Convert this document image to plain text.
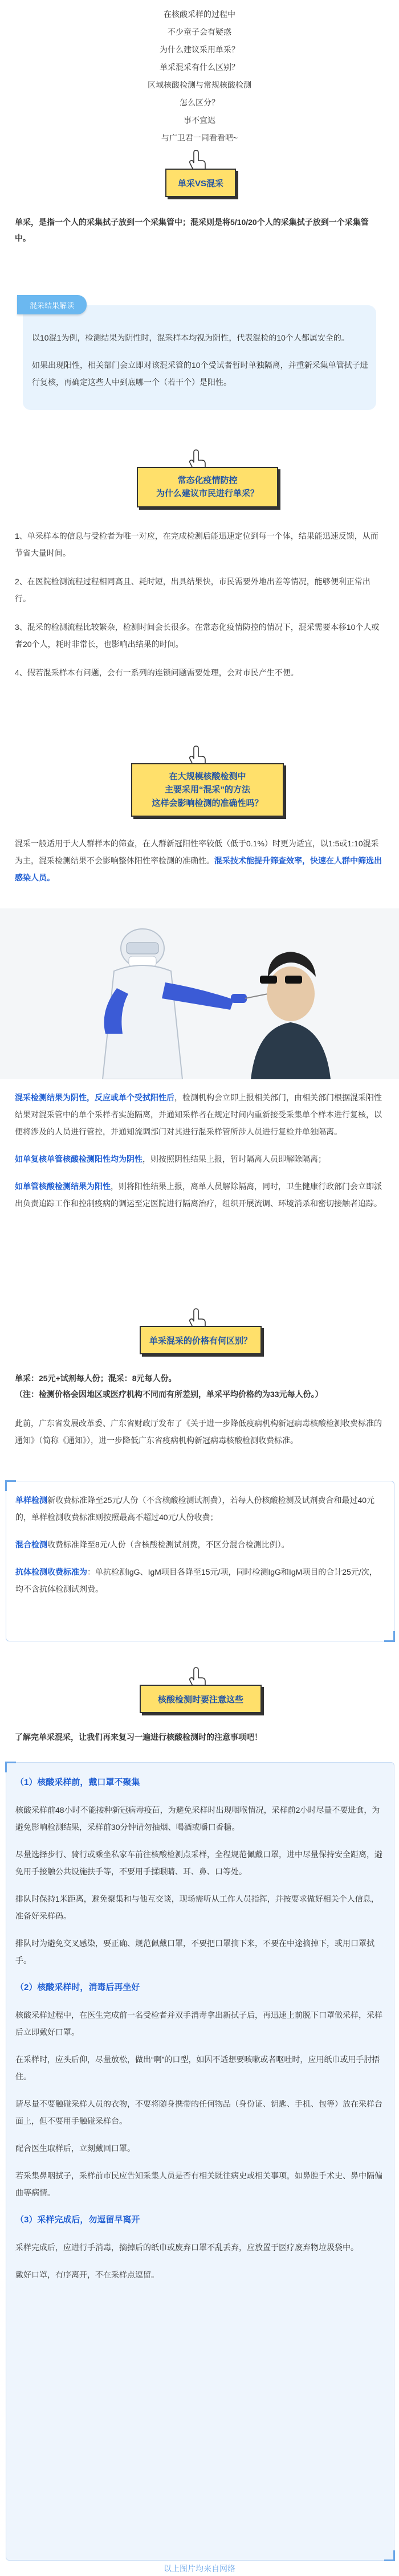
在核酸采样的过程中
不少童子会有疑惑
为什么建议采用单采？
单采混采有什么区别？
区域核酸检测与常规核酸检测
怎么区分？
事不宜迟
与广卫君一同看看吧~
单采VS混采
单采，是指一个人的采集拭子放到一个采集管中；混采则是将5/10/20个人的采集拭子放到一个采集管中。
混采结果解读

以10混1为例，检测结果为阴性时，混采样本均视为阴性，代表混检的10个人都属安全的。

如果出现阳性，相关部门会立即对该混采管的10个受试者暂时单独隔离，并重新采集单管拭子进行复核，再确定这些人中到底哪一个（若干个）是阳性。

常态化疫情防控
为什么建议市民进行单采？

1、单采样本的信息与受检者为唯一对应，在完成检测后能迅速定位到每一个体，结果能迅速反馈，从而节省大量时间。

2、在医院检测流程过程相同高且、耗时短，出具结果快，市民需要外地出差等情况，能够便利正常出行。

3、混采的检测流程比较繁杂，检测时间会长很多。在常态化疫情防控的情况下，混采需要本移10个人或者20个人，耗时非常长，也影响出结果的时间。

4、假若混采样本有问题，会有一系列的连锁问题需要处理，会对市民产生不便。

在大规模核酸检测中
主要采用“混采”的方法
这样会影响检测的准确性吗？
混采一般适用于大人群样本的筛查，在人群新冠阳性率较低（低于0.1%）时更为适宜，以1:5或1:10混采为主，混采检测结果不会影响整体阳性率检测的准确性。混采技术能提升筛查效率，快速在人群中筛选出感染人员。

混采检测结果为阴性，反应或单个受拭阳性后，检测机构会立即上报相关部门，由相关部门根据混采阳性结果对混采管中的单个采样者实施隔离，并通知采样者在规定时间内重新接受采集单个样本进行复核，以便将涉及的人员进行管控，并通知流调部门对其进行混采样管所涉人员进行复检并单独隔离。

如单复核单管核酸检测阳性均为阴性，则按照阴性结果上报，暂时隔离人员即解除隔离；

如单管核酸检测结果为阳性，则将阳性结果上报，离单人员解除隔离，同时，卫生健康行政部门会立即派出负责追踪工作和控制疫病的调运至定医院进行隔离治疗，组织开展流调、环境消杀和密切接触者追踪。

单采混采的价格有何区别？
单采：25元+试剂每人份；混采：8元每人份。
（注：检测价格会因地区或医疗机构不同而有所差别，单采平均价格约为33元每人份。）
此前，广东省发展改革委、广东省财政厅发布了《关于进一步降低疫病机构新冠病毒核酸检测收费标准的通知》（简称《通知》），进一步降低广东省疫病机构新冠病毒核酸检测收费标准。

单样检测新收费标准降至25元/人份（不含核酸检测试剂费），若每人份核酸检测及试剂费合和最过40元的，单样检测收费标准则按照最高不超过40元/人份收费；

混合检测收费标准降至8元/人份（含核酸检测试剂费，不区分混合检测比例）。

抗体检测收费标准为：单抗检测IgG、IgM项目各降至15元/项，同时检测IgG和IgM项目的合计25元/次，均不含抗体检测试剂费。

核酸检测时要注意这些
了解完单采混采，让我们再来复习一遍进行核酸检测时的注意事项吧！

（1）核酸采样前，戴口罩不聚集

核酸采样前48小时不能接种新冠病毒疫苗，为避免采样时出现咽喉情况，采样前2小时尽量不要进食，为避免影响检测结果，采样前30分钟请勿抽烟、喝酒或嚼口香糖。

尽量选择步行、骑行或乘坐私家车前往核酸检测点采样，全程规范佩戴口罩，进中尽量保持安全距离，避免用手接触公共设施扶手等，不要用手揉眼睛、耳、鼻、口等处。

排队时保持1米距离，避免聚集和与他互交谈，现场需听从工作人员指挥，并按要求做好相关个人信息，准备好采样码。

排队时为避免交叉感染，要正确、规范佩戴口罩，不要把口罩摘下来，不要在中途摘掉下，或用口罩拭手。

（2）核酸采样时，消毒后再坐好

核酸采样过程中，在医生完成前一名受检者并双手消毒拿出新拭子后，再迅速上前脱下口罩做采样，采样后立即戴好口罩。

在采样时，应头后仰，尽量放松，做出“啊”的口型，如因不适想要咳嗽或者呕吐时，应用纸巾或用手肘捂住。

请尽量不要触碰采样人员的衣物，不要将随身携带的任何物品（身份证、钥匙、手机、包等）放在采样台面上，但不要用手触碰采样台。

配合医生取样后，立刻戴回口罩。

若采集鼻咽拭子，采样前市民应告知采集人员是否有相关既往病史或相关事项，如鼻腔手术史、鼻中隔偏曲等病情。

（3）采样完成后，勿逗留早离开

采样完成后，应进行手消毒，摘掉后的纸巾或废弃口罩不乱丢弃，应放置于医疗废弃物垃圾袋中。

戴好口罩，有序离开，不在采样点逗留。

以上图片均来自网络
